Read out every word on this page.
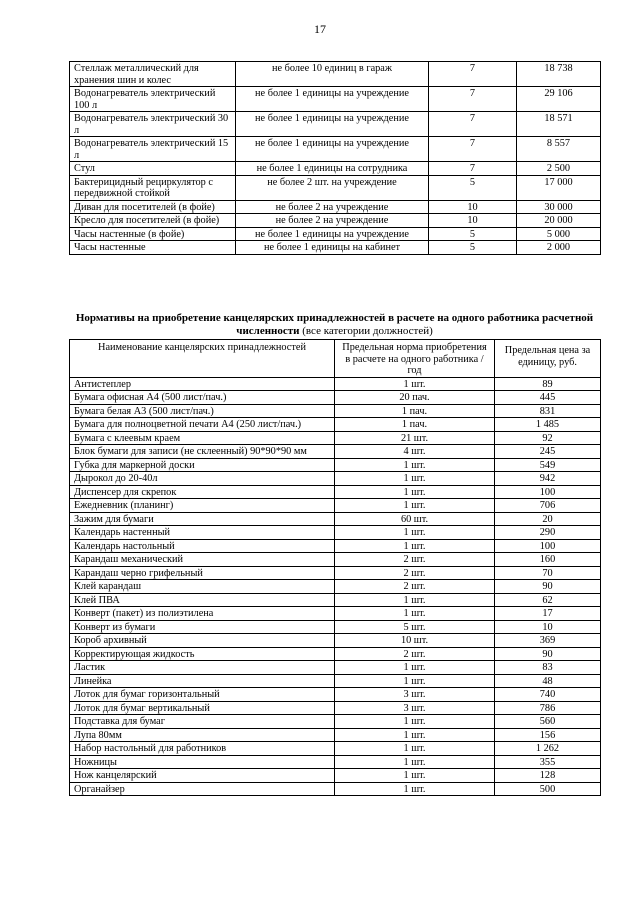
17
Стеллаж металлический для хранения шин и колес	не более 10 единиц в гараж	7	18 738
Водонагреватель электрический 100 л	не более 1 единицы на учреждение	7	29 106
Водонагреватель электрический 30 л	не более 1 единицы на учреждение	7	18 571
Водонагреватель электрический 15 л	не более 1 единицы на учреждение	7	8 557
Стул	не более 1 единицы на сотрудника	7	2 500
Бактерицидный рециркулятор с передвижной стойкой	не более 2 шт. на учреждение	5	17 000
Диван для посетителей (в фойе)	не более 2 на учреждение	10	30 000
Кресло для посетителей (в фойе)	не более 2 на учреждение	10	20 000
Часы настенные (в фойе)	не более 1 единицы на учреждение	5	5 000
Часы настенные	не более 1 единицы на кабинет	5	2 000
Нормативы на приобретение канцелярских принадлежностей в расчете на одного работника расчетной численности (все категории должностей)
Наименование канцелярских принадлежностей	Предельная норма приобретения в расчете на одного работника / год	Предельная цена за единицу, руб.
Антистеплер	1 шт.	89
Бумага офисная А4 (500 лист/пач.)	20 пач.	445
Бумага белая А3 (500 лист/пач.)	1 пач.	831
Бумага для полноцветной печати А4 (250 лист/пач.)	1 пач.	1 485
Бумага с клеевым краем	21 шт.	92
Блок бумаги для записи (не склеенный) 90*90*90 мм	4 шт.	245
Губка для маркерной доски	1 шт.	549
Дырокол до 20-40л	1 шт.	942
Диспенсер для скрепок	1 шт.	100
Ежедневник (планинг)	1 шт.	706
Зажим для бумаги	60 шт.	20
Календарь настенный	1 шт.	290
Календарь настольный	1 шт.	100
Карандаш механический	2 шт.	160
Карандаш черно грифельный	2 шт.	70
Клей карандаш	2 шт.	90
Клей ПВА	1 шт.	62
Конверт (пакет) из полиэтилена	1 шт.	17
Конверт из бумаги	5 шт.	10
Короб архивный	10 шт.	369
Корректирующая жидкость	2 шт.	90
Ластик	1 шт.	83
Линейка	1 шт.	48
Лоток для бумаг горизонтальный	3 шт.	740
Лоток для бумаг вертикальный	3 шт.	786
Подставка для бумаг	1 шт.	560
Лупа 80мм	1 шт.	156
Набор настольный для работников	1 шт.	1 262
Ножницы	1 шт.	355
Нож канцелярский	1 шт.	128
Органайзер	1 шт.	500
